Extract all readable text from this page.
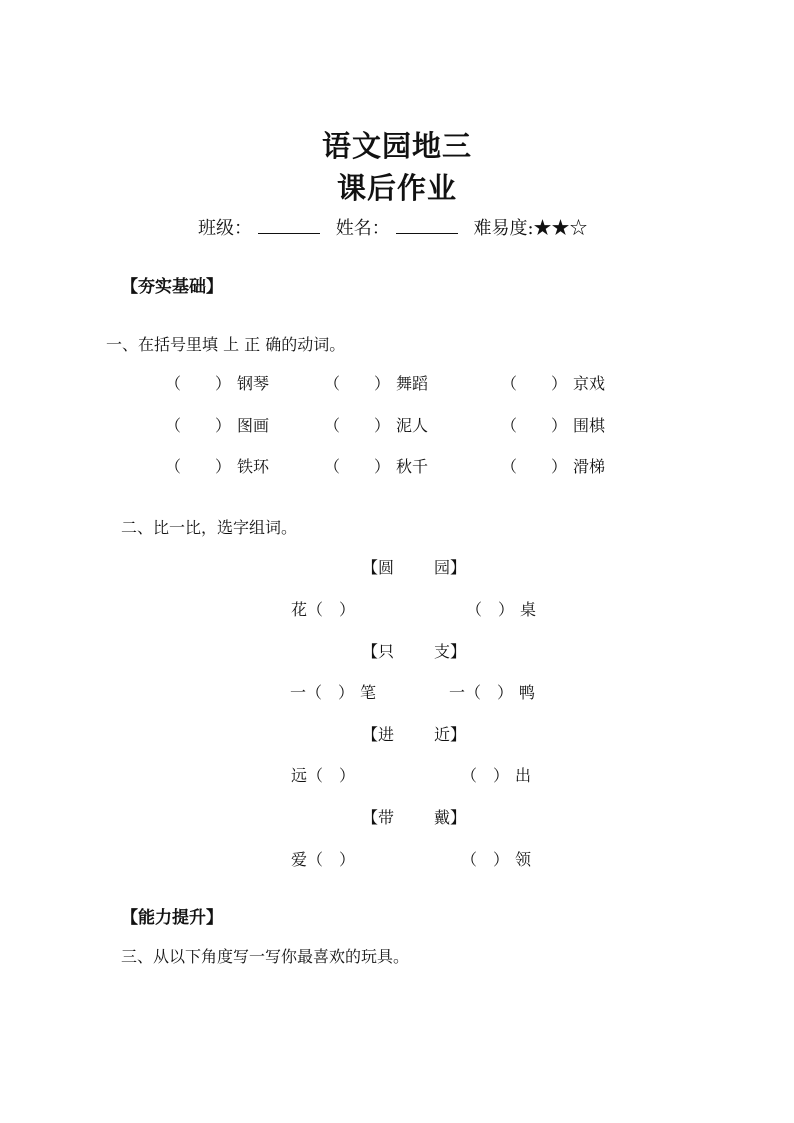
语文园地三
课后作业
班级：	姓名：	难易度:★★☆
【夯实基础】
一、在括号里填 上 正 确的动词。
（ ） 钢琴	（ ） 舞蹈	（ ） 京戏
（ ） 图画	（ ） 泥人	（ ） 围棋
（ ） 铁环	（ ） 秋千	（ ） 滑梯
二、比一比，选字组词。
【圆	园】
花（ ）	（ ） 桌
【只	支】
一（ ） 笔	一（ ） 鸭
【进	近】
远（ ）	（ ） 出
【带	戴】
爱（ ）	（ ） 领
【能力提升】
三、从以下角度写一写你最喜欢的玩具。
